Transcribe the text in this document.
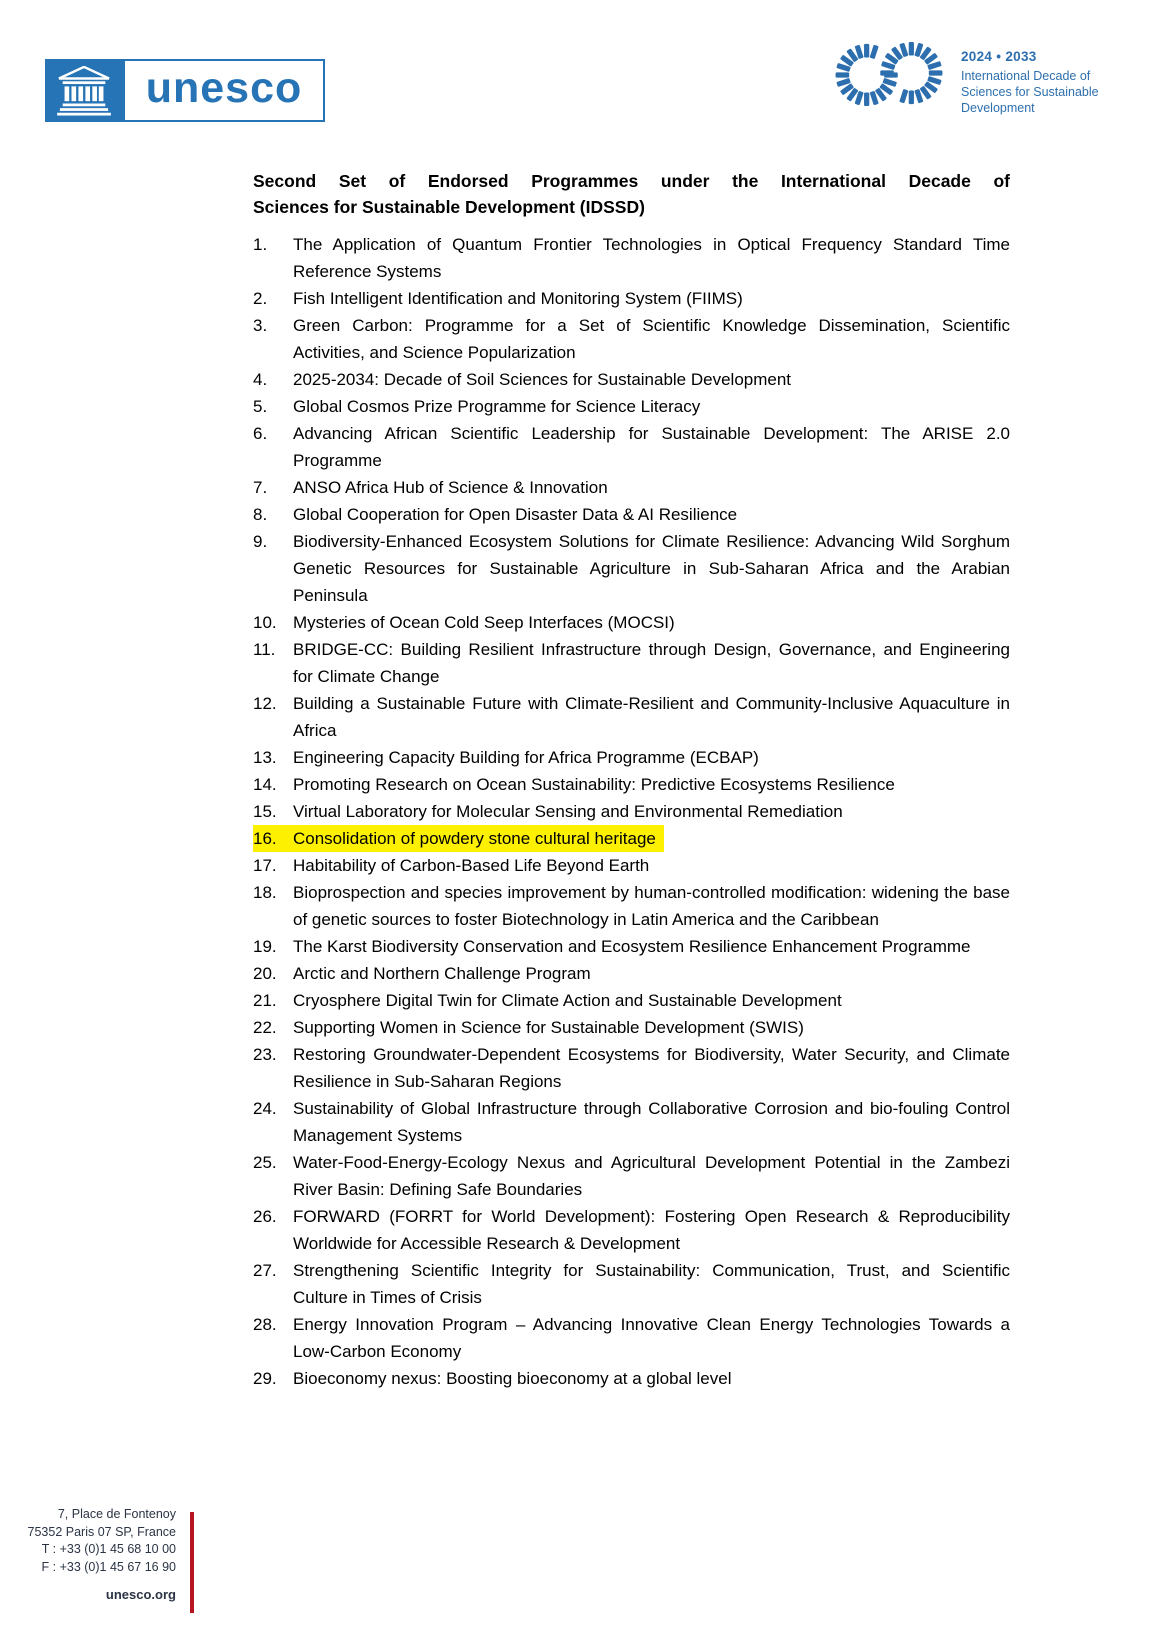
unesco
2024 • 2033
International Decade of
Sciences for Sustainable
Development
Second Set of Endorsed Programmes under the International Decade of
Sciences for Sustainable Development (IDSSD)
1.	The Application of Quantum Frontier Technologies in Optical Frequency Standard Time Reference Systems
2.	Fish Intelligent Identification and Monitoring System (FIIMS)
3.	Green Carbon: Programme for a Set of Scientific Knowledge Dissemination, Scientific Activities, and Science Popularization
4.	2025-2034: Decade of Soil Sciences for Sustainable Development
5.	Global Cosmos Prize Programme for Science Literacy
6.	Advancing African Scientific Leadership for Sustainable Development: The ARISE 2.0 Programme
7.	ANSO Africa Hub of Science & Innovation
8.	Global Cooperation for Open Disaster Data & AI Resilience
9.	Biodiversity-Enhanced Ecosystem Solutions for Climate Resilience: Advancing Wild Sorghum Genetic Resources for Sustainable Agriculture in Sub-Saharan Africa and the Arabian Peninsula
10. Mysteries of Ocean Cold Seep Interfaces (MOCSI)
11.	BRIDGE-CC: Building Resilient Infrastructure through Design, Governance, and Engineering for Climate Change
12. Building a Sustainable Future with Climate-Resilient and Community-Inclusive Aquaculture in Africa
13. Engineering Capacity Building for Africa Programme (ECBAP)
14. Promoting Research on Ocean Sustainability: Predictive Ecosystems Resilience
15. Virtual Laboratory for Molecular Sensing and Environmental Remediation
16. Consolidation of powdery stone cultural heritage
17. Habitability of Carbon-Based Life Beyond Earth
18. Bioprospection and species improvement by human-controlled modification: widening the base of genetic sources to foster Biotechnology in Latin America and the Caribbean
19. The Karst Biodiversity Conservation and Ecosystem Resilience Enhancement Programme
20. Arctic and Northern Challenge Program
21. Cryosphere Digital Twin for Climate Action and Sustainable Development
22. Supporting Women in Science for Sustainable Development (SWIS)
23. Restoring Groundwater-Dependent Ecosystems for Biodiversity, Water Security, and Climate Resilience in Sub-Saharan Regions
24. Sustainability of Global Infrastructure through Collaborative Corrosion and bio-fouling Control Management Systems
25. Water-Food-Energy-Ecology Nexus and Agricultural Development Potential in the Zambezi River Basin: Defining Safe Boundaries
26. FORWARD (FORRT for World Development): Fostering Open Research & Reproducibility Worldwide for Accessible Research & Development
27. Strengthening Scientific Integrity for Sustainability: Communication, Trust, and Scientific Culture in Times of Crisis
28. Energy Innovation Program – Advancing Innovative Clean Energy Technologies Towards a Low-Carbon Economy
29. Bioeconomy nexus: Boosting bioeconomy at a global level
7, Place de Fontenoy
75352 Paris 07 SP, France
T : +33 (0)1 45 68 10 00
F : +33 (0)1 45 67 16 90
unesco.org
